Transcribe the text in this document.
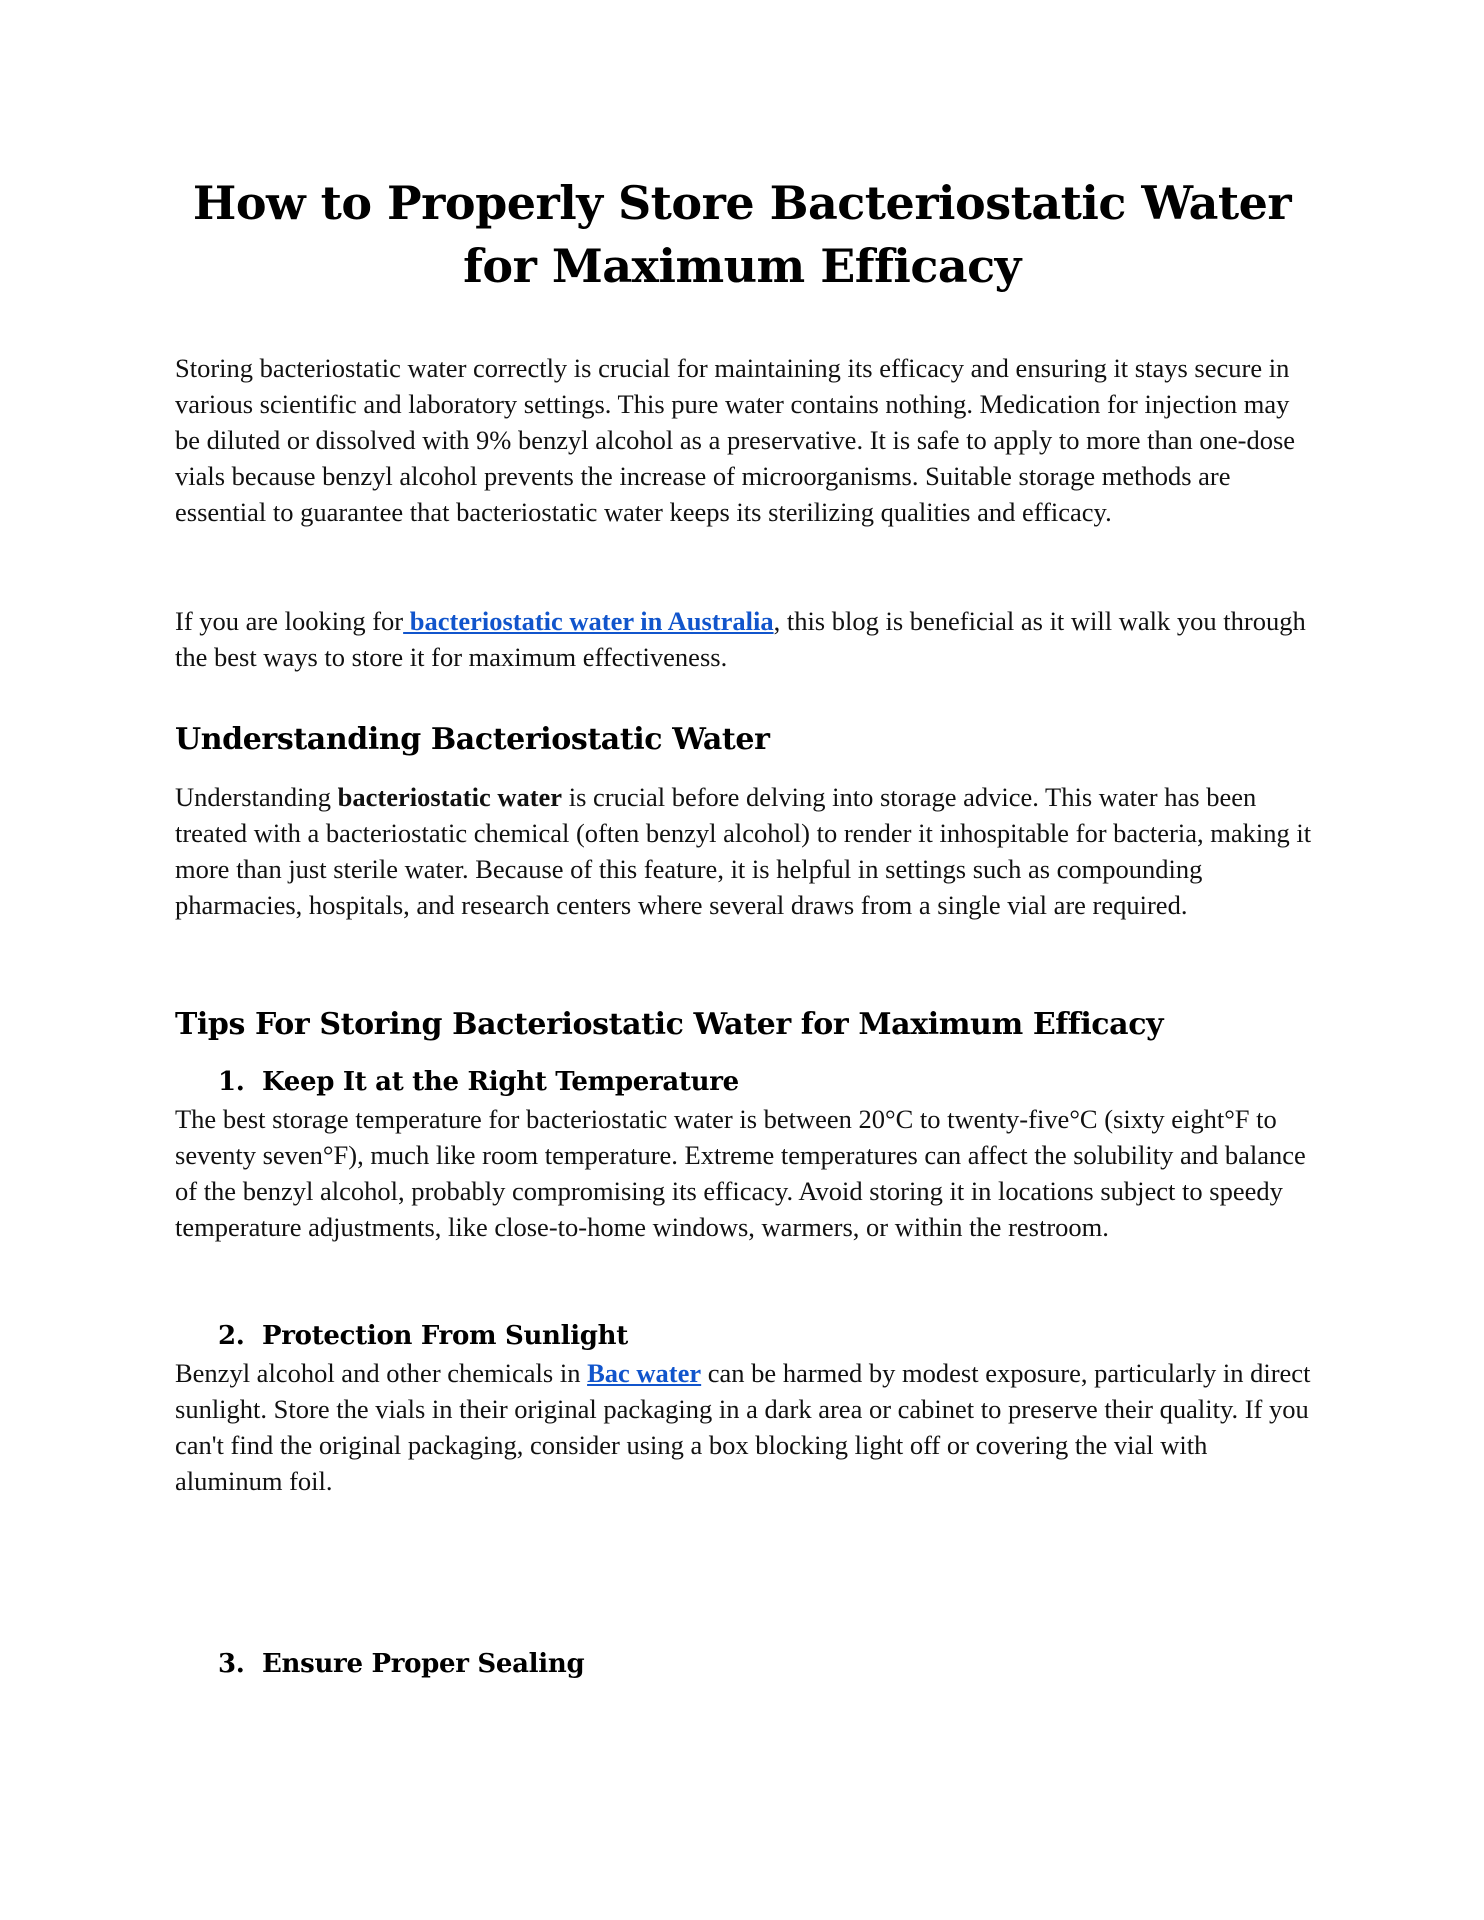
How to Properly Store Bacteriostatic Water for Maximum Efficacy

Storing bacteriostatic water correctly is crucial for maintaining its efficacy and ensuring it stays secure in various scientific and laboratory settings. This pure water contains nothing. Medication for injection may be diluted or dissolved with 9% benzyl alcohol as a preservative. It is safe to apply to more than one-dose vials because benzyl alcohol prevents the increase of microorganisms. Suitable storage methods are essential to guarantee that bacteriostatic water keeps its sterilizing qualities and efficacy.

If you are looking for bacteriostatic water in Australia, this blog is beneficial as it will walk you through the best ways to store it for maximum effectiveness.

Understanding Bacteriostatic Water

Understanding bacteriostatic water is crucial before delving into storage advice. This water has been treated with a bacteriostatic chemical (often benzyl alcohol) to render it inhospitable for bacteria, making it more than just sterile water. Because of this feature, it is helpful in settings such as compounding pharmacies, hospitals, and research centers where several draws from a single vial are required.

Tips For Storing Bacteriostatic Water for Maximum Efficacy
1. Keep It at the Right Temperature

The best storage temperature for bacteriostatic water is between 20°C to twenty-five°C (sixty eight°F to seventy seven°F), much like room temperature. Extreme temperatures can affect the solubility and balance of the benzyl alcohol, probably compromising its efficacy. Avoid storing it in locations subject to speedy temperature adjustments, like close-to-home windows, warmers, or within the restroom.

2. Protection From Sunlight

Benzyl alcohol and other chemicals in Bac water can be harmed by modest exposure, particularly in direct sunlight. Store the vials in their original packaging in a dark area or cabinet to preserve their quality. If you can't find the original packaging, consider using a box blocking light off or covering the vial with aluminum foil.

3. Ensure Proper Sealing
